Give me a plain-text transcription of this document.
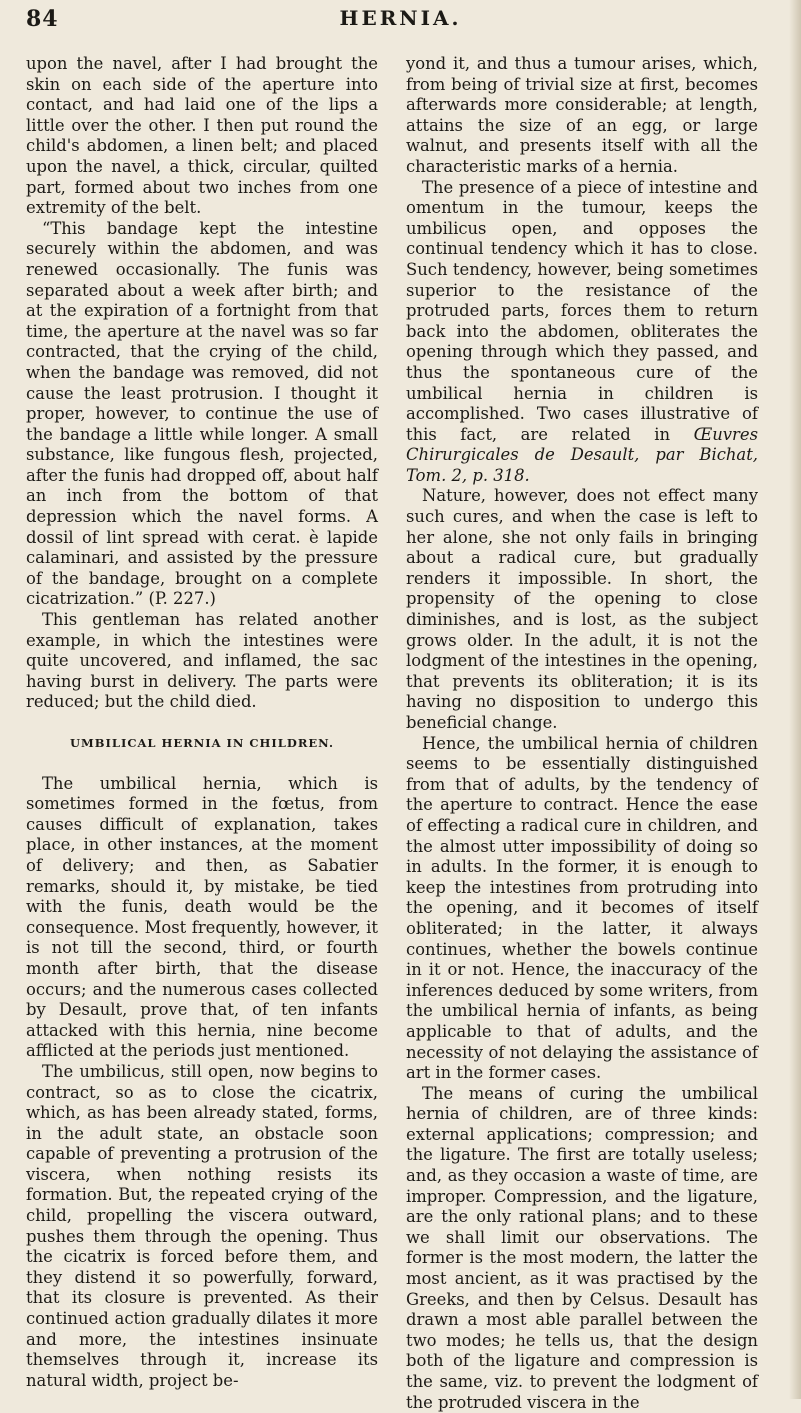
84	HERNIA.

upon the navel, after I had brought the skin on each side of the aperture into contact, and had laid one of the lips a little over the other. I then put round the child's abdomen, a linen belt; and placed upon the navel, a thick, circular, quilted part, formed about two inches from one extremity of the belt.

“This bandage kept the intestine securely within the abdomen, and was renewed occasionally. The funis was separated about a week after birth; and at the expiration of a fortnight from that time, the aperture at the navel was so far contracted, that the crying of the child, when the bandage was removed, did not cause the least protrusion. I thought it proper, however, to continue the use of the bandage a little while longer. A small substance, like fungous flesh, projected, after the funis had dropped off, about half an inch from the bottom of that depression which the navel forms. A dossil of lint spread with cerat. è lapide calaminari, and assisted by the pressure of the bandage, brought on a complete cicatrization.” (P. 227.)

This gentleman has related another example, in which the intestines were quite uncovered, and inflamed, the sac having burst in delivery. The parts were reduced; but the child died.

UMBILICAL HERNIA IN CHILDREN.

The umbilical hernia, which is sometimes formed in the fœtus, from causes difficult of explanation, takes place, in other instances, at the moment of delivery; and then, as Sabatier remarks, should it, by mistake, be tied with the funis, death would be the consequence. Most frequently, however, it is not till the second, third, or fourth month after birth, that the disease occurs; and the numerous cases collected by Desault, prove that, of ten infants attacked with this hernia, nine become afflicted at the periods just mentioned.

The umbilicus, still open, now begins to contract, so as to close the cicatrix, which, as has been already stated, forms, in the adult state, an obstacle soon capable of preventing a protrusion of the viscera, when nothing resists its formation. But, the repeated crying of the child, propelling the viscera outward, pushes them through the opening. Thus the cicatrix is forced before them, and they distend it so powerfully, forward, that its closure is prevented. As their continued action gradually dilates it more and more, the intestines insinuate themselves through it, increase its natural width, project be-

yond it, and thus a tumour arises, which, from being of trivial size at first, becomes afterwards more considerable; at length, attains the size of an egg, or large walnut, and presents itself with all the characteristic marks of a hernia.

The presence of a piece of intestine and omentum in the tumour, keeps the umbilicus open, and opposes the continual tendency which it has to close. Such tendency, however, being sometimes superior to the resistance of the protruded parts, forces them to return back into the abdomen, obliterates the opening through which they passed, and thus the spontaneous cure of the umbilical hernia in children is accomplished. Two cases illustrative of this fact, are related in Œuvres Chirurgicales de Desault, par Bichat, Tom. 2, p. 318.

Nature, however, does not effect many such cures, and when the case is left to her alone, she not only fails in bringing about a radical cure, but gradually renders it impossible. In short, the propensity of the opening to close diminishes, and is lost, as the subject grows older. In the adult, it is not the lodgment of the intestines in the opening, that prevents its obliteration; it is its having no disposition to undergo this beneficial change.

Hence, the umbilical hernia of children seems to be essentially distinguished from that of adults, by the tendency of the aperture to contract. Hence the ease of effecting a radical cure in children, and the almost utter impossibility of doing so in adults. In the former, it is enough to keep the intestines from protruding into the opening, and it becomes of itself obliterated; in the latter, it always continues, whether the bowels continue in it or not. Hence, the inaccuracy of the inferences deduced by some writers, from the umbilical hernia of infants, as being applicable to that of adults, and the necessity of not delaying the assistance of art in the former cases.

The means of curing the umbilical hernia of children, are of three kinds: external applications; compression; and the ligature. The first are totally useless; and, as they occasion a waste of time, are improper. Compression, and the ligature, are the only rational plans; and to these we shall limit our observations. The former is the most modern, the latter the most ancient, as it was practised by the Greeks, and then by Celsus. Desault has drawn a most able parallel between the two modes; he tells us, that the design both of the ligature and compression is the same, viz. to prevent the lodgment of the protruded viscera in the
